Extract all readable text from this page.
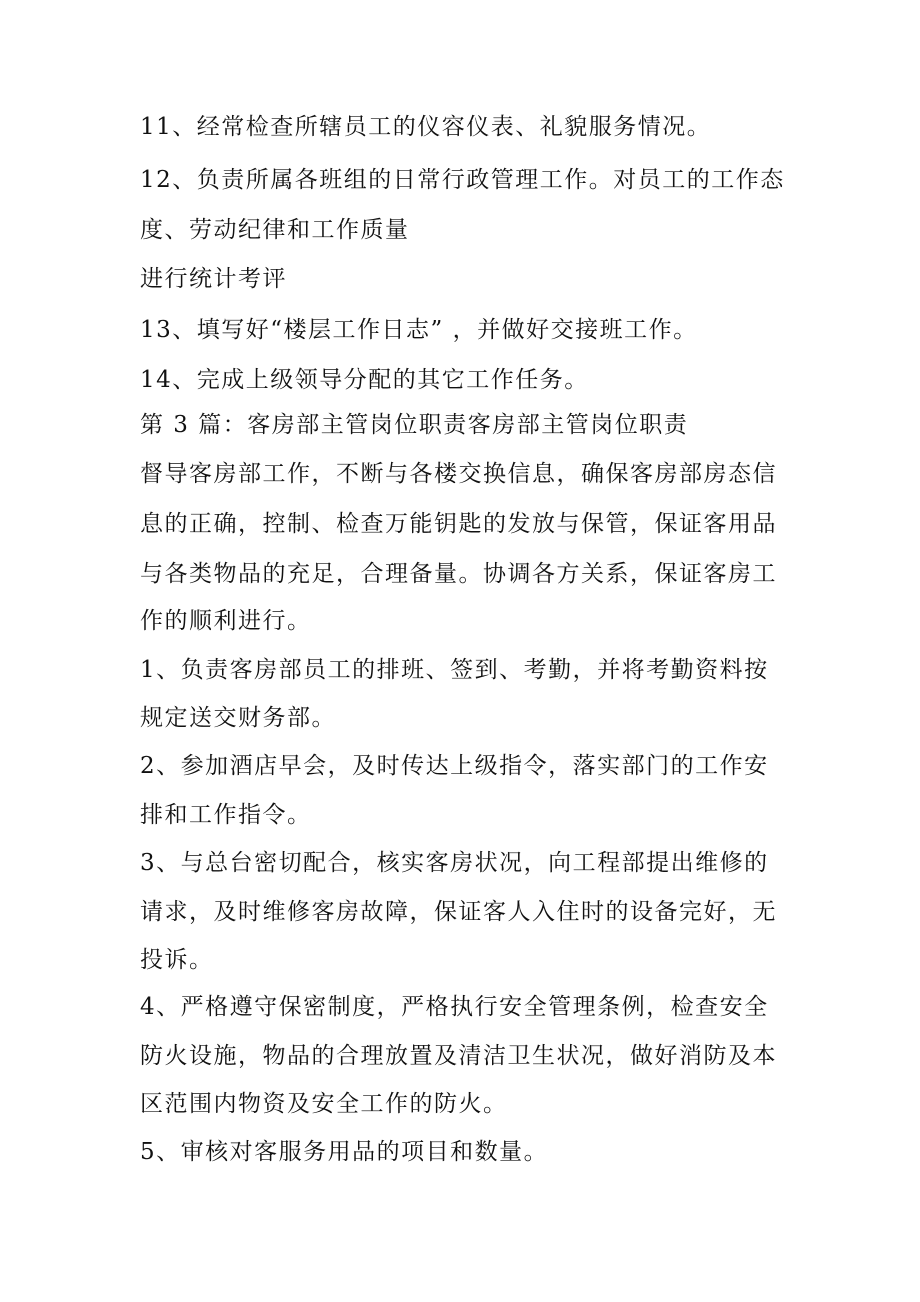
11、经常检查所辖员工的仪容仪表、礼貌服务情况。
12、负责所属各班组的日常行政管理工作。对员工的工作态
度、劳动纪律和工作质量
进行统计考评
13、填写好“楼层工作日志” ，并做好交接班工作。
14、完成上级领导分配的其它工作任务。
第 3 篇：客房部主管岗位职责客房部主管岗位职责
督导客房部工作，不断与各楼交换信息，确保客房部房态信
息的正确，控制、检查万能钥匙的发放与保管，保证客用品
与各类物品的充足，合理备量。协调各方关系，保证客房工
作的顺利进行。
1、负责客房部员工的排班、签到、考勤，并将考勤资料按
规定送交财务部。
2、参加酒店早会，及时传达上级指令，落实部门的工作安
排和工作指令。
3、与总台密切配合，核实客房状况，向工程部提出维修的
请求，及时维修客房故障，保证客人入住时的设备完好，无
投诉。
4、严格遵守保密制度，严格执行安全管理条例，检查安全
防火设施，物品的合理放置及清洁卫生状况，做好消防及本
区范围内物资及安全工作的防火。
5、审核对客服务用品的项目和数量。
